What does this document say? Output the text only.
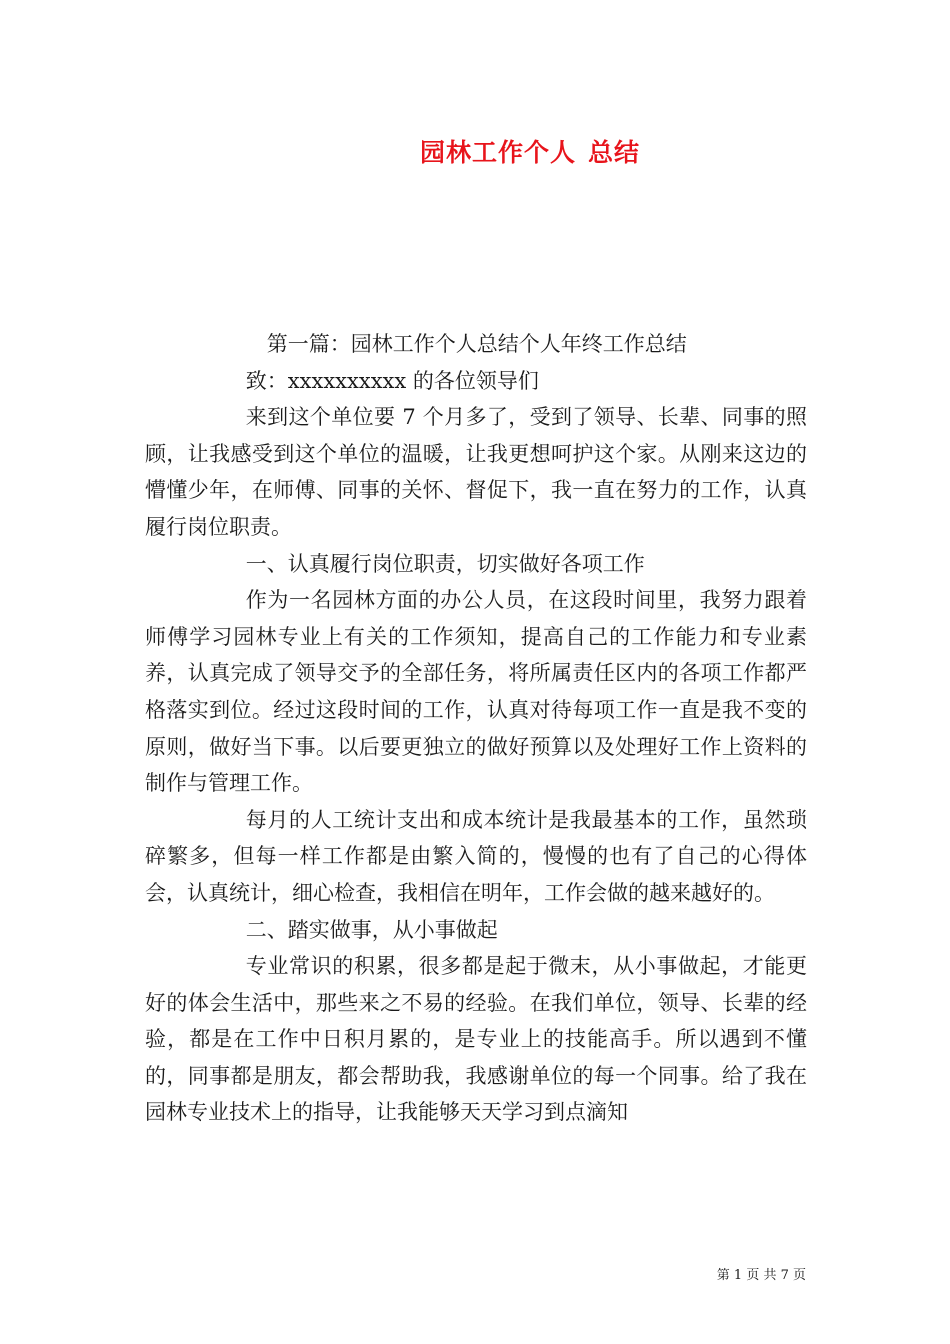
园林工作个人 总结

第一篇：园林工作个人总结个人年终工作总结

致：xxxxxxxxxx 的各位领导们

来到这个单位要 7 个月多了，受到了领导、长辈、同事的照顾，让我感受到这个单位的温暖，让我更想呵护这个家。从刚来这边的懵懂少年，在师傅、同事的关怀、督促下，我一直在努力的工作，认真履行岗位职责。

一、认真履行岗位职责，切实做好各项工作

作为一名园林方面的办公人员，在这段时间里，我努力跟着师傅学习园林专业上有关的工作须知，提高自己的工作能力和专业素养，认真完成了领导交予的全部任务，将所属责任区内的各项工作都严格落实到位。经过这段时间的工作，认真对待每项工作一直是我不变的原则，做好当下事。以后要更独立的做好预算以及处理好工作上资料的制作与管理工作。

每月的人工统计支出和成本统计是我最基本的工作，虽然琐碎繁多，但每一样工作都是由繁入简的，慢慢的也有了自己的心得体会，认真统计，细心检查，我相信在明年，工作会做的越来越好的。

二、踏实做事，从小事做起

专业常识的积累，很多都是起于微末，从小事做起，才能更好的体会生活中，那些来之不易的经验。在我们单位，领导、长辈的经验，都是在工作中日积月累的，是专业上的技能高手。所以遇到不懂的，同事都是朋友，都会帮助我，我感谢单位的每一个同事。给了我在园林专业技术上的指导，让我能够天天学习到点滴知

第 1 页 共 7 页
